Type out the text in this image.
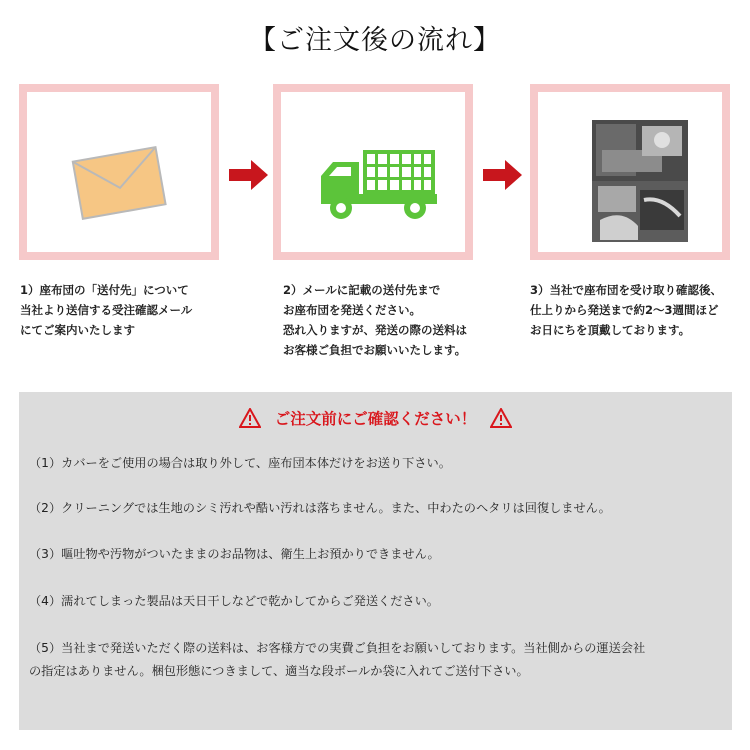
【ご注文後の流れ】
1）座布団の「送付先」について
当社より送信する受注確認メール
にてご案内いたします
2）メールに記載の送付先まで
お座布団を発送ください。
恐れ入りますが、発送の際の送料は
お客様ご負担でお願いいたします。
3）当社で座布団を受け取り確認後、
仕上りから発送まで約2〜3週間ほど
お日にちを頂戴しております。
ご注文前にご確認ください！
（1）カバーをご使用の場合は取り外して、座布団本体だけをお送り下さい。
（2）クリーニングでは生地のシミ汚れや酷い汚れは落ちません。また、中わたのヘタリは回復しません。
（3）嘔吐物や汚物がついたままのお品物は、衛生上お預かりできません。
（4）濡れてしまった製品は天日干しなどで乾かしてからご発送ください。
（5）当社まで発送いただく際の送料は、お客様方での実費ご負担をお願いしております。当社側からの運送会社
の指定はありません。梱包形態につきまして、適当な段ボールか袋に入れてご送付下さい。
